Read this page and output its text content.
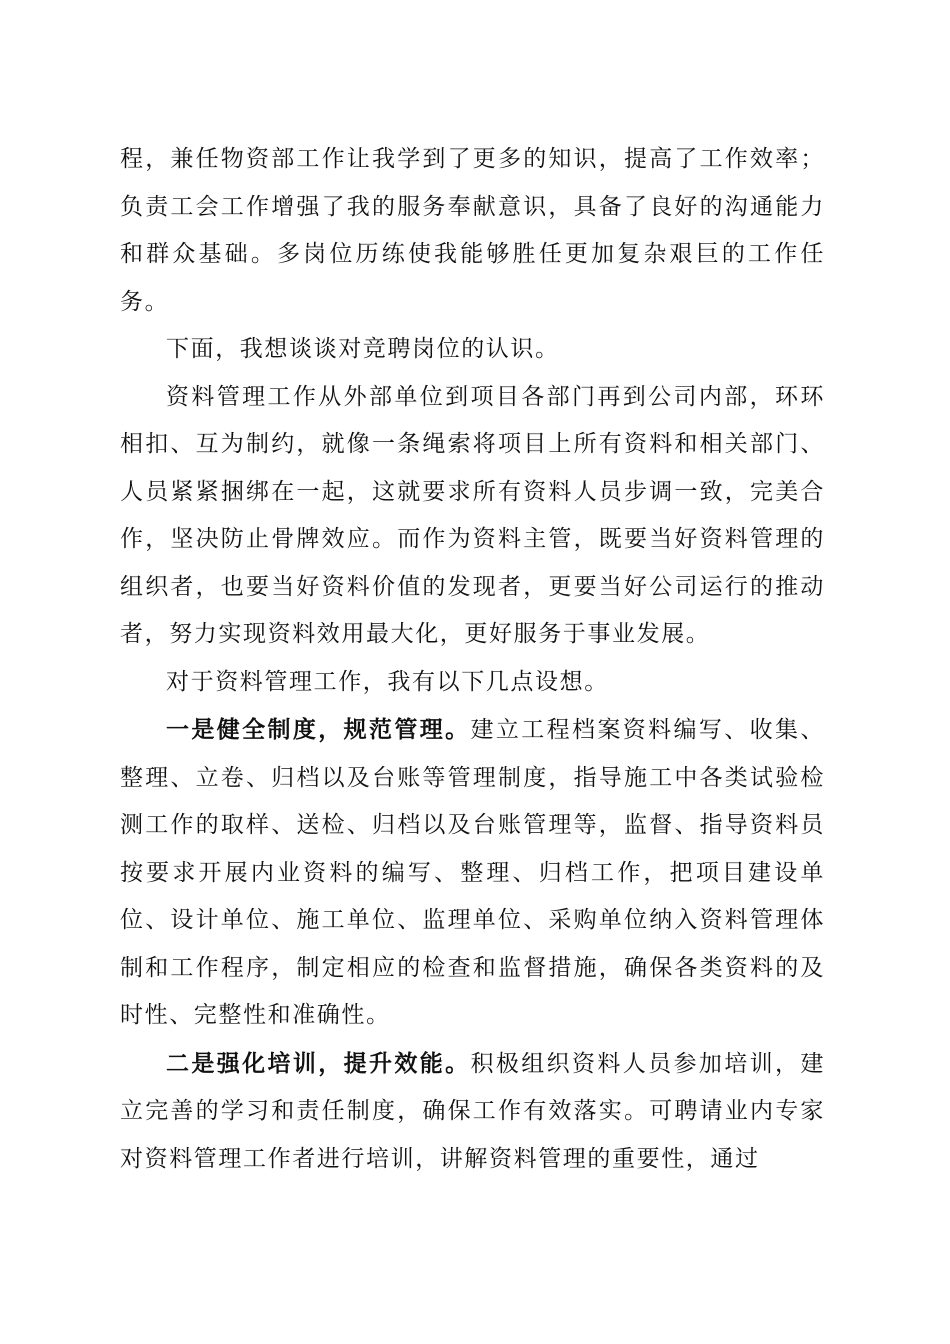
程，兼任物资部工作让我学到了更多的知识，提高了工作效率；负责工会工作增强了我的服务奉献意识，具备了良好的沟通能力和群众基础。多岗位历练使我能够胜任更加复杂艰巨的工作任务。

下面，我想谈谈对竞聘岗位的认识。

资料管理工作从外部单位到项目各部门再到公司内部，环环相扣、互为制约，就像一条绳索将项目上所有资料和相关部门、人员紧紧捆绑在一起，这就要求所有资料人员步调一致，完美合作，坚决防止骨牌效应。而作为资料主管，既要当好资料管理的组织者，也要当好资料价值的发现者，更要当好公司运行的推动者，努力实现资料效用最大化，更好服务于事业发展。

对于资料管理工作，我有以下几点设想。

一是健全制度，规范管理。建立工程档案资料编写、收集、整理、立卷、归档以及台账等管理制度，指导施工中各类试验检测工作的取样、送检、归档以及台账管理等，监督、指导资料员按要求开展内业资料的编写、整理、归档工作，把项目建设单位、设计单位、施工单位、监理单位、采购单位纳入资料管理体制和工作程序，制定相应的检查和监督措施，确保各类资料的及时性、完整性和准确性。

二是强化培训，提升效能。积极组织资料人员参加培训，建立完善的学习和责任制度，确保工作有效落实。可聘请业内专家对资料管理工作者进行培训，讲解资料管理的重要性，通过
